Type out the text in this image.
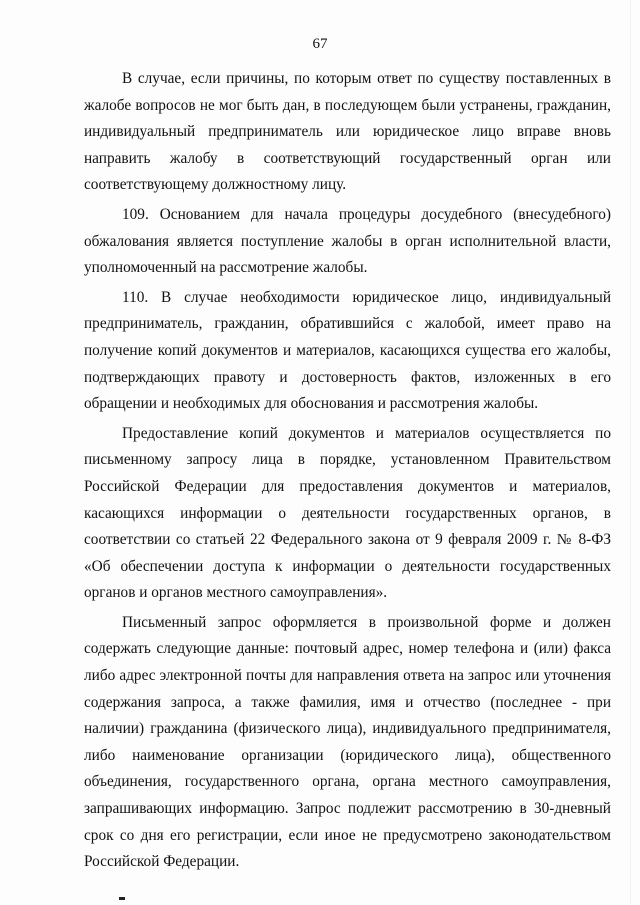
67

В случае, если причины, по которым ответ по существу поставленных в жалобе вопросов не мог быть дан, в последующем были устранены, гражданин, индивидуальный предприниматель или юридическое лицо вправе вновь направить жалобу в соответствующий государственный орган или соответствующему должностному лицу.

109. Основанием для начала процедуры досудебного (внесудебного) обжалования является поступление жалобы в орган исполнительной власти, уполномоченный на рассмотрение жалобы.

110. В случае необходимости юридическое лицо, индивидуальный предприниматель, гражданин, обратившийся с жалобой, имеет право на получение копий документов и материалов, касающихся существа его жалобы, подтверждающих правоту и достоверность фактов, изложенных в его обращении и необходимых для обоснования и рассмотрения жалобы.

Предоставление копий документов и материалов осуществляется по письменному запросу лица в порядке, установленном Правительством Российской Федерации для предоставления документов и материалов, касающихся информации о деятельности государственных органов, в соответствии со статьей 22 Федерального закона от 9 февраля 2009 г. № 8-ФЗ «Об обеспечении доступа к информации о деятельности государственных органов и органов местного самоуправления».

Письменный запрос оформляется в произвольной форме и должен содержать следующие данные: почтовый адрес, номер телефона и (или) факса либо адрес электронной почты для направления ответа на запрос или уточнения содержания запроса, а также фамилия, имя и отчество (последнее - при наличии) гражданина (физического лица), индивидуального предпринимателя, либо наименование организации (юридического лица), общественного объединения, государственного органа, органа местного самоуправления, запрашивающих информацию. Запрос подлежит рассмотрению в 30-дневный срок со дня его регистрации, если иное не предусмотрено законодательством Российской Федерации.
